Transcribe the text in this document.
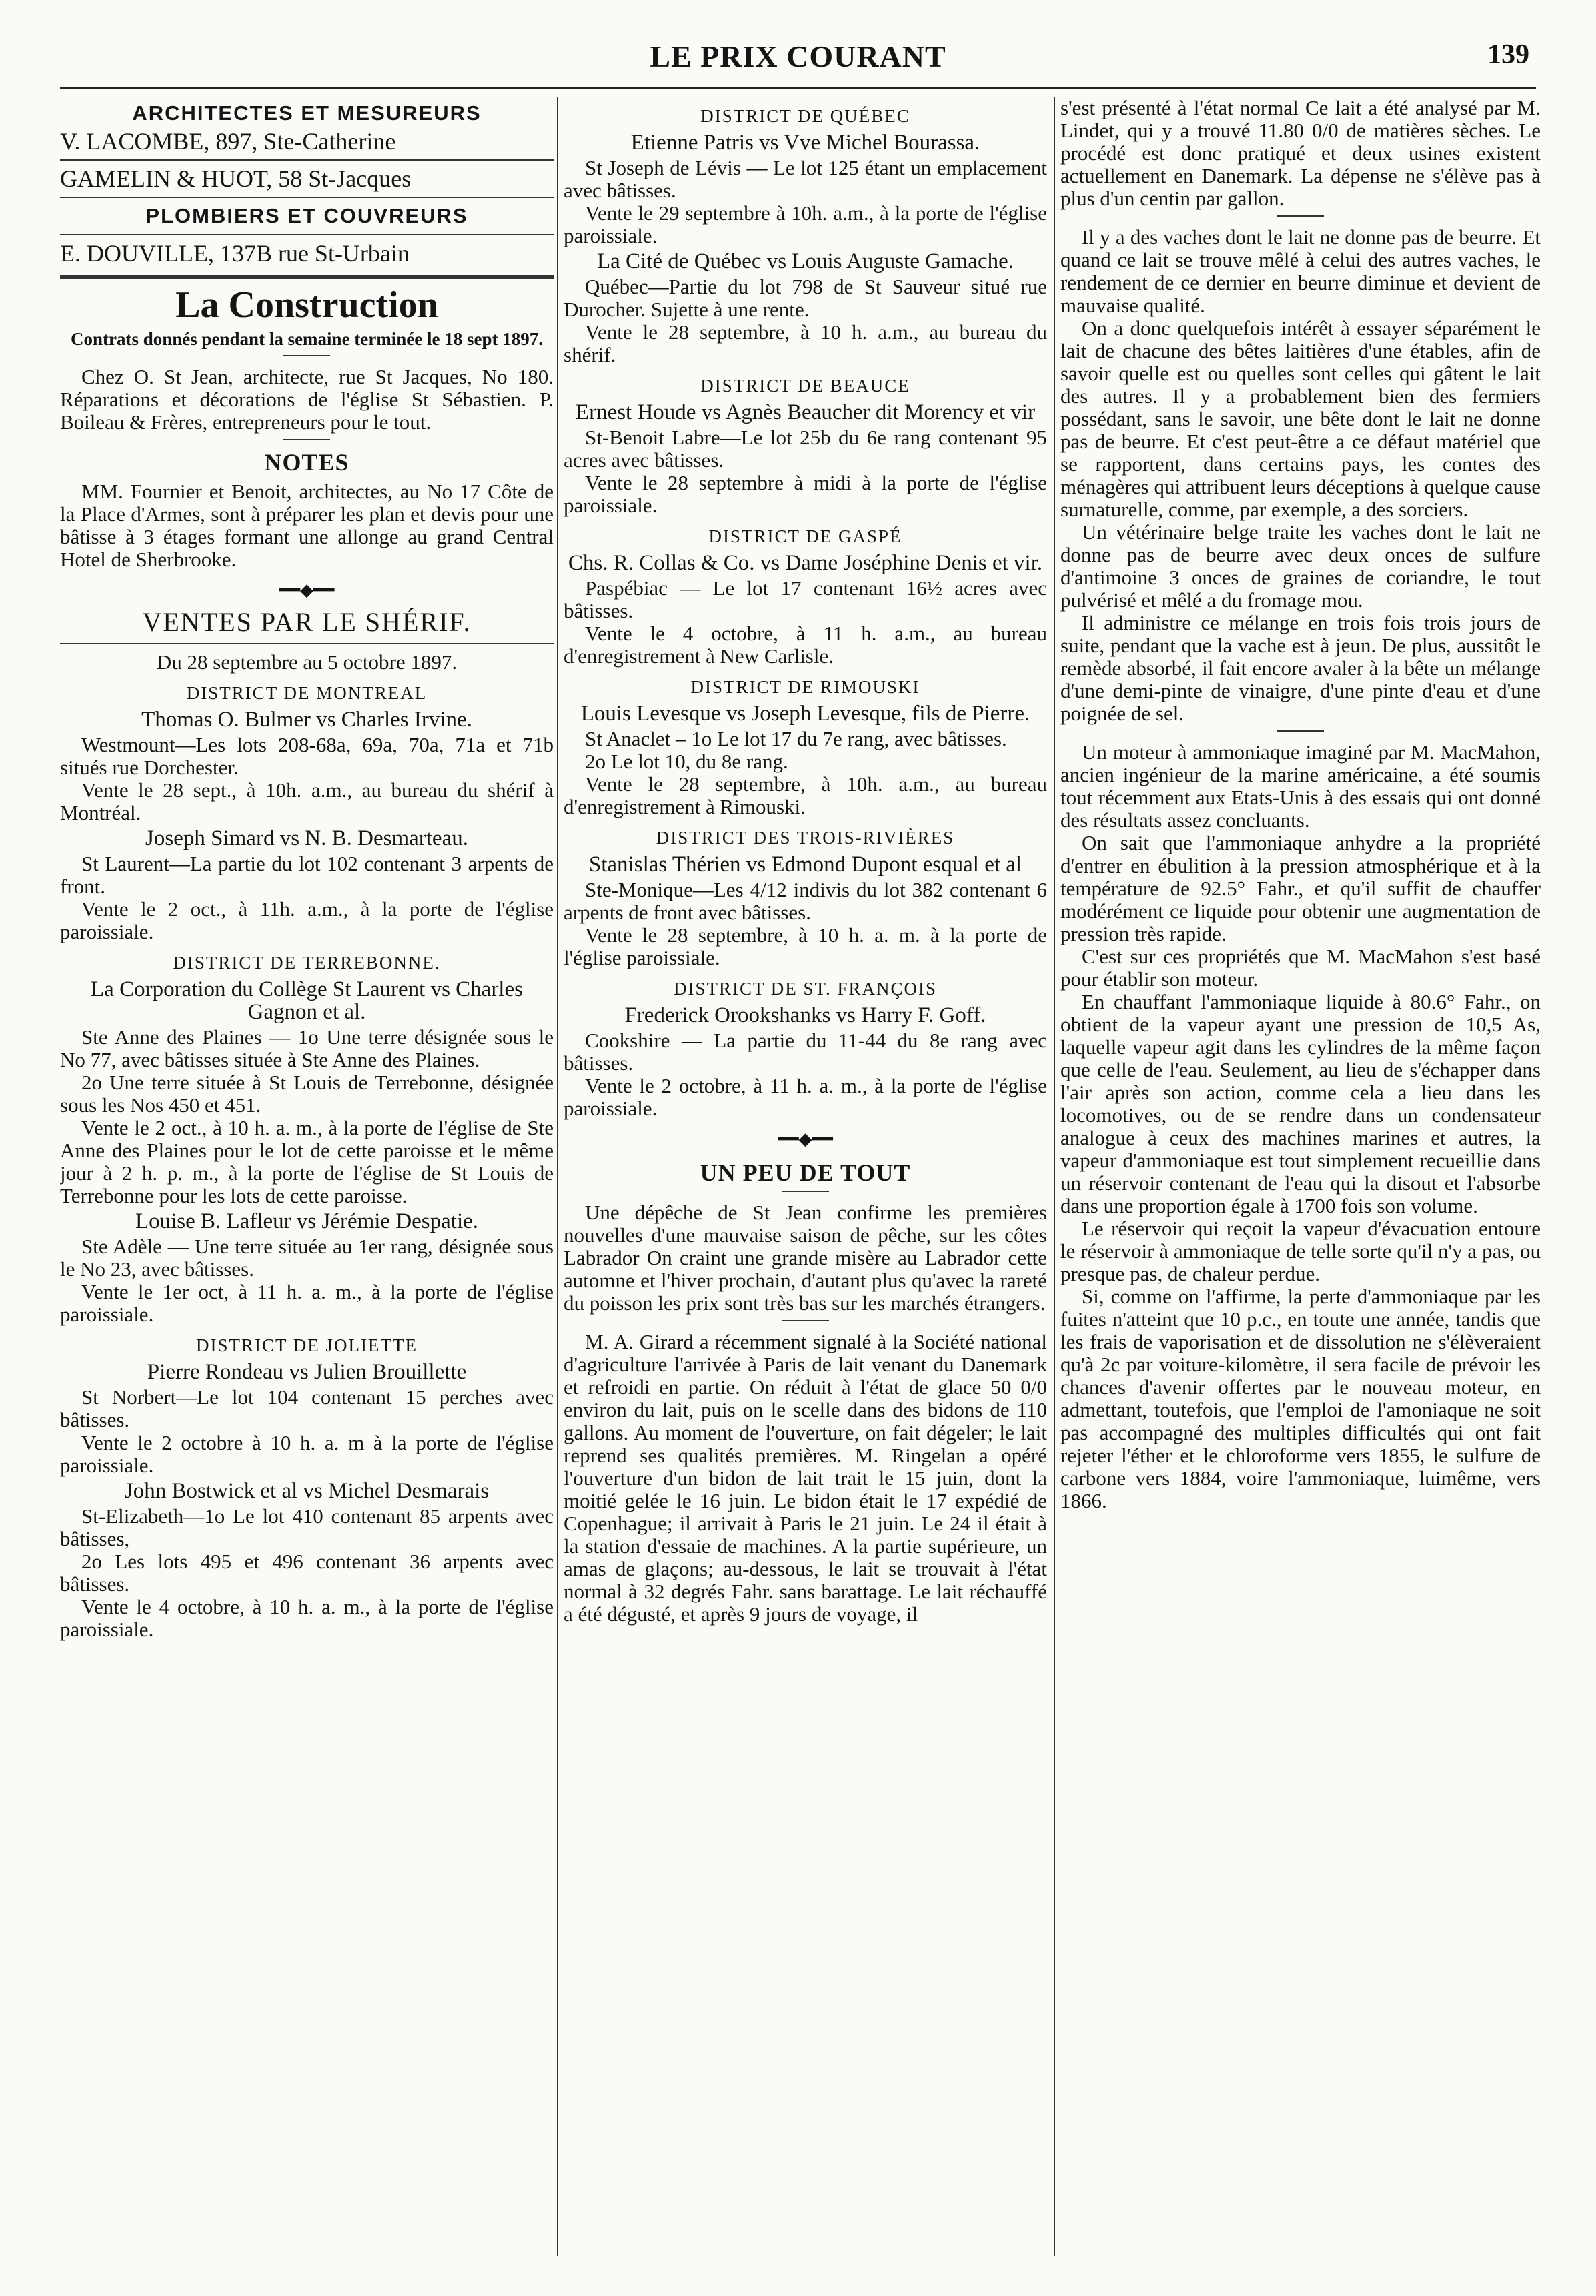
LE PRIX COURANT	139
ARCHITECTES ET MESUREURS
V. LACOMBE, 897, Ste-Catherine
GAMELIN & HUOT, 58 St-Jacques
PLOMBIERS ET COUVREURS
E. DOUVILLE, 137B rue St-Urbain
La Construction
Contrats donnés pendant la semaine terminée le 18 sept 1897.

Chez O. St Jean, architecte, rue St Jacques, No 180. Réparations et décorations de l'église St Sébastien. P. Boileau & Frères, entrepreneurs pour le tout.

NOTES

MM. Fournier et Benoit, architectes, au No 17 Côte de la Place d'Armes, sont à préparer les plan et devis pour une bâtisse à 3 étages formant une allonge au grand Central Hotel de Sherbrooke.

━━◆━━
VENTES PAR LE SHÉRIF.

Du 28 septembre au 5 octobre 1897.

DISTRICT DE MONTREAL
Thomas O. Bulmer vs Charles Irvine.

Westmount—Les lots 208-68a, 69a, 70a, 71a et 71b situés rue Dorchester.

Vente le 28 sept., à 10h. a.m., au bureau du shérif à Montréal.

Joseph Simard vs N. B. Desmarteau.

St Laurent—La partie du lot 102 contenant 3 arpents de front.

Vente le 2 oct., à 11h. a.m., à la porte de l'église paroissiale.

DISTRICT DE TERREBONNE.
La Corporation du Collège St Laurent vs Charles Gagnon et al.

Ste Anne des Plaines — 1o Une terre désignée sous le No 77, avec bâtisses située à Ste Anne des Plaines.

2o Une terre située à St Louis de Terrebonne, désignée sous les Nos 450 et 451.

Vente le 2 oct., à 10 h. a. m., à la porte de l'église de Ste Anne des Plaines pour le lot de cette paroisse et le même jour à 2 h. p. m., à la porte de l'église de St Louis de Terrebonne pour les lots de cette paroisse.

Louise B. Lafleur vs Jérémie Despatie.

Ste Adèle — Une terre située au 1er rang, désignée sous le No 23, avec bâtisses.

Vente le 1er oct, à 11 h. a. m., à la porte de l'église paroissiale.

DISTRICT DE JOLIETTE
Pierre Rondeau vs Julien Brouillette

St Norbert—Le lot 104 contenant 15 perches avec bâtisses.

Vente le 2 octobre à 10 h. a. m à la porte de l'église paroissiale.

John Bostwick et al vs Michel Desmarais

St-Elizabeth—1o Le lot 410 contenant 85 arpents avec bâtisses,

2o Les lots 495 et 496 contenant 36 arpents avec bâtisses.

Vente le 4 octobre, à 10 h. a. m., à la porte de l'église paroissiale.

DISTRICT DE QUÉBEC
Etienne Patris vs Vve Michel Bourassa.

St Joseph de Lévis — Le lot 125 étant un emplacement avec bâtisses.

Vente le 29 septembre à 10h. a.m., à la porte de l'église paroissiale.

La Cité de Québec vs Louis Auguste Gamache.

Québec—Partie du lot 798 de St Sauveur situé rue Durocher. Sujette à une rente.

Vente le 28 septembre, à 10 h. a.m., au bureau du shérif.

DISTRICT DE BEAUCE
Ernest Houde vs Agnès Beaucher dit Morency et vir

St-Benoit Labre—Le lot 25b du 6e rang contenant 95 acres avec bâtisses.

Vente le 28 septembre à midi à la porte de l'église paroissiale.

DISTRICT DE GASPÉ
Chs. R. Collas & Co. vs Dame Joséphine Denis et vir.

Paspébiac — Le lot 17 contenant 16½ acres avec bâtisses.

Vente le 4 octobre, à 11 h. a.m., au bureau d'enregistrement à New Carlisle.

DISTRICT DE RIMOUSKI
Louis Levesque vs Joseph Levesque, fils de Pierre.

St Anaclet – 1o Le lot 17 du 7e rang, avec bâtisses.

2o Le lot 10, du 8e rang.

Vente le 28 septembre, à 10h. a.m., au bureau d'enregistrement à Rimouski.

DISTRICT DES TROIS-RIVIÈRES
Stanislas Thérien vs Edmond Dupont esqual et al

Ste-Monique—Les 4/12 indivis du lot 382 contenant 6 arpents de front avec bâtisses.

Vente le 28 septembre, à 10 h. a. m. à la porte de l'église paroissiale.

DISTRICT DE ST. FRANÇOIS
Frederick Orookshanks vs Harry F. Goff.

Cookshire — La partie du 11-44 du 8e rang avec bâtisses.

Vente le 2 octobre, à 11 h. a. m., à la porte de l'église paroissiale.

━━◆━━
UN PEU DE TOUT

Une dépêche de St Jean confirme les premières nouvelles d'une mauvaise saison de pêche, sur les côtes Labrador On craint une grande misère au Labrador cette automne et l'hiver prochain, d'autant plus qu'avec la rareté du poisson les prix sont très bas sur les marchés étrangers.

M. A. Girard a récemment signalé à la Société national d'agriculture l'arrivée à Paris de lait venant du Danemark et refroidi en partie. On réduit à l'état de glace 50 0/0 environ du lait, puis on le scelle dans des bidons de 110 gallons. Au moment de l'ouverture, on fait dégeler; le lait reprend ses qualités premières. M. Ringelan a opéré l'ouverture d'un bidon de lait trait le 15 juin, dont la moitié gelée le 16 juin. Le bidon était le 17 expédié de Copenhague; il arrivait à Paris le 21 juin. Le 24 il était à la station d'essaie de machines. A la partie supérieure, un amas de glaçons; au-dessous, le lait se trouvait à l'état normal à 32 degrés Fahr. sans barattage. Le lait réchauffé a été dégusté, et après 9 jours de voyage, il

s'est présenté à l'état normal Ce lait a été analysé par M. Lindet, qui y a trouvé 11.80 0/0 de matières sèches. Le procédé est donc pratiqué et deux usines existent actuellement en Danemark. La dépense ne s'élève pas à plus d'un centin par gallon.

Il y a des vaches dont le lait ne donne pas de beurre. Et quand ce lait se trouve mêlé à celui des autres vaches, le rendement de ce dernier en beurre diminue et devient de mauvaise qualité.

On a donc quelquefois intérêt à essayer séparément le lait de chacune des bêtes laitières d'une étables, afin de savoir quelle est ou quelles sont celles qui gâtent le lait des autres. Il y a probablement bien des fermiers possédant, sans le savoir, une bête dont le lait ne donne pas de beurre. Et c'est peut-être a ce défaut matériel que se rapportent, dans certains pays, les contes des ménagères qui attribuent leurs déceptions à quelque cause surnaturelle, comme, par exemple, a des sorciers.

Un vétérinaire belge traite les vaches dont le lait ne donne pas de beurre avec deux onces de sulfure d'antimoine 3 onces de graines de coriandre, le tout pulvérisé et mêlé a du fromage mou.

Il administre ce mélange en trois fois trois jours de suite, pendant que la vache est à jeun. De plus, aussitôt le remède absorbé, il fait encore avaler à la bête un mélange d'une demi-pinte de vinaigre, d'une pinte d'eau et d'une poignée de sel.

Un moteur à ammoniaque imaginé par M. MacMahon, ancien ingénieur de la marine américaine, a été soumis tout récemment aux Etats-Unis à des essais qui ont donné des résultats assez concluants.

On sait que l'ammoniaque anhydre a la propriété d'entrer en ébulition à la pression atmosphérique et à la température de 92.5° Fahr., et qu'il suffit de chauffer modérément ce liquide pour obtenir une augmentation de pression très rapide.

C'est sur ces propriétés que M. MacMahon s'est basé pour établir son moteur.

En chauffant l'ammoniaque liquide à 80.6° Fahr., on obtient de la vapeur ayant une pression de 10,5 As, laquelle vapeur agit dans les cylindres de la même façon que celle de l'eau. Seulement, au lieu de s'échapper dans l'air après son action, comme cela a lieu dans les locomotives, ou de se rendre dans un condensateur analogue à ceux des machines marines et autres, la vapeur d'ammoniaque est tout simplement recueillie dans un réservoir contenant de l'eau qui la disout et l'absorbe dans une proportion égale à 1700 fois son volume.

Le réservoir qui reçoit la vapeur d'évacuation entoure le réservoir à ammoniaque de telle sorte qu'il n'y a pas, ou presque pas, de chaleur perdue.

Si, comme on l'affirme, la perte d'ammoniaque par les fuites n'atteint que 10 p.c., en toute une année, tandis que les frais de vaporisation et de dissolution ne s'élèveraient qu'à 2c par voiture-kilomètre, il sera facile de prévoir les chances d'avenir offertes par le nouveau moteur, en admettant, toutefois, que l'emploi de l'amoniaque ne soit pas accompagné des multiples difficultés qui ont fait rejeter l'éther et le chloroforme vers 1855, le sulfure de carbone vers 1884, voire l'ammoniaque, luimême, vers 1866.
